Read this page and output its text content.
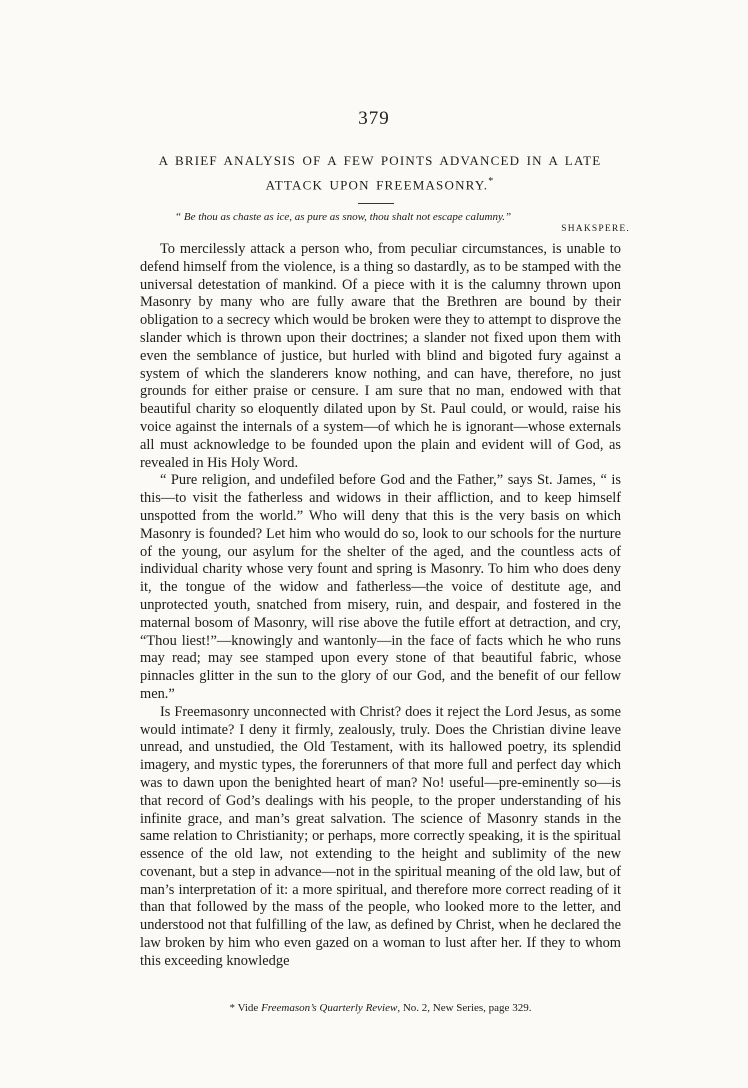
379
A BRIEF ANALYSIS OF A FEW POINTS ADVANCED IN A LATE
ATTACK UPON FREEMASONRY.*
“ Be thou as chaste as ice, as pure as snow, thou shalt not escape calumny.”
SHAKSPERE.

To mercilessly attack a person who, from peculiar circumstances, is unable to defend himself from the violence, is a thing so dastardly, as to be stamped with the universal detestation of mankind. Of a piece with it is the calumny thrown upon Masonry by many who are fully aware that the Brethren are bound by their obligation to a secrecy which would be broken were they to attempt to disprove the slander which is thrown upon their doctrines; a slander not fixed upon them with even the semblance of justice, but hurled with blind and bigoted fury against a system of which the slanderers know nothing, and can have, therefore, no just grounds for either praise or censure. I am sure that no man, endowed with that beautiful charity so eloquently dilated upon by St. Paul could, or would, raise his voice against the internals of a system—of which he is ignorant—whose externals all must acknowledge to be founded upon the plain and evident will of God, as revealed in His Holy Word.

“ Pure religion, and undefiled before God and the Father,” says St. James, “ is this—to visit the fatherless and widows in their affliction, and to keep himself unspotted from the world.” Who will deny that this is the very basis on which Masonry is founded? Let him who would do so, look to our schools for the nurture of the young, our asylum for the shelter of the aged, and the countless acts of individual charity whose very fount and spring is Masonry. To him who does deny it, the tongue of the widow and fatherless—the voice of destitute age, and unprotected youth, snatched from misery, ruin, and despair, and fostered in the maternal bosom of Masonry, will rise above the futile effort at detraction, and cry, “Thou liest!”—knowingly and wantonly—in the face of facts which he who runs may read; may see stamped upon every stone of that beautiful fabric, whose pinnacles glitter in the sun to the glory of our God, and the benefit of our fellow men.”

Is Freemasonry unconnected with Christ? does it reject the Lord Jesus, as some would intimate? I deny it firmly, zealously, truly. Does the Christian divine leave unread, and unstudied, the Old Testament, with its hallowed poetry, its splendid imagery, and mystic types, the forerunners of that more full and perfect day which was to dawn upon the benighted heart of man? No! useful—pre-eminently so—is that record of God’s dealings with his people, to the proper understanding of his infinite grace, and man’s great salvation. The science of Masonry stands in the same relation to Christianity; or perhaps, more correctly speaking, it is the spiritual essence of the old law, not extending to the height and sublimity of the new covenant, but a step in advance—not in the spiritual meaning of the old law, but of man’s interpretation of it: a more spiritual, and therefore more correct reading of it than that followed by the mass of the people, who looked more to the letter, and understood not that fulfilling of the law, as defined by Christ, when he declared the law broken by him who even gazed on a woman to lust after her. If they to whom this exceeding knowledge

* Vide Freemason’s Quarterly Review, No. 2, New Series, page 329.
